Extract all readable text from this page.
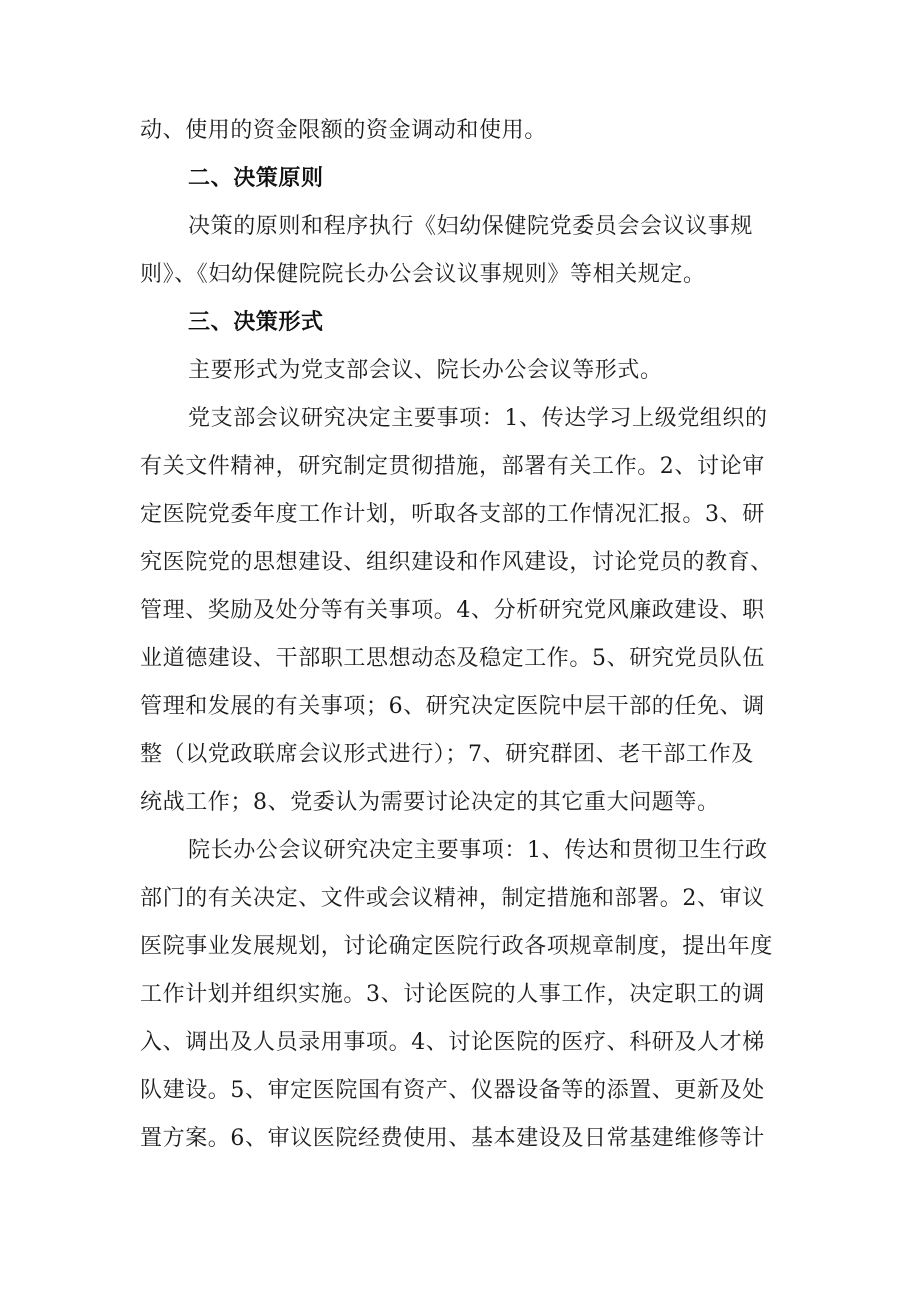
动、使用的资金限额的资金调动和使用。

二、决策原则

决策的原则和程序执行《妇幼保健院党委员会会议议事规

则》、《妇幼保健院院长办公会议议事规则》等相关规定。

三、决策形式

主要形式为党支部会议、院长办公会议等形式。

党支部会议研究决定主要事项：1、传达学习上级党组织的

有关文件精神，研究制定贯彻措施，部署有关工作。2、讨论审

定医院党委年度工作计划，听取各支部的工作情况汇报。3、研

究医院党的思想建设、组织建设和作风建设，讨论党员的教育、

管理、奖励及处分等有关事项。4、分析研究党风廉政建设、职

业道德建设、干部职工思想动态及稳定工作。5、研究党员队伍

管理和发展的有关事项；6、研究决定医院中层干部的任免、调

整（以党政联席会议形式进行）；7、研究群团、老干部工作及

统战工作；8、党委认为需要讨论决定的其它重大问题等。

院长办公会议研究决定主要事项：1、传达和贯彻卫生行政

部门的有关决定、文件或会议精神，制定措施和部署。2、审议

医院事业发展规划，讨论确定医院行政各项规章制度，提出年度

工作计划并组织实施。3、讨论医院的人事工作，决定职工的调

入、调出及人员录用事项。4、讨论医院的医疗、科研及人才梯

队建设。5、审定医院国有资产、仪器设备等的添置、更新及处

置方案。6、审议医院经费使用、基本建设及日常基建维修等计
